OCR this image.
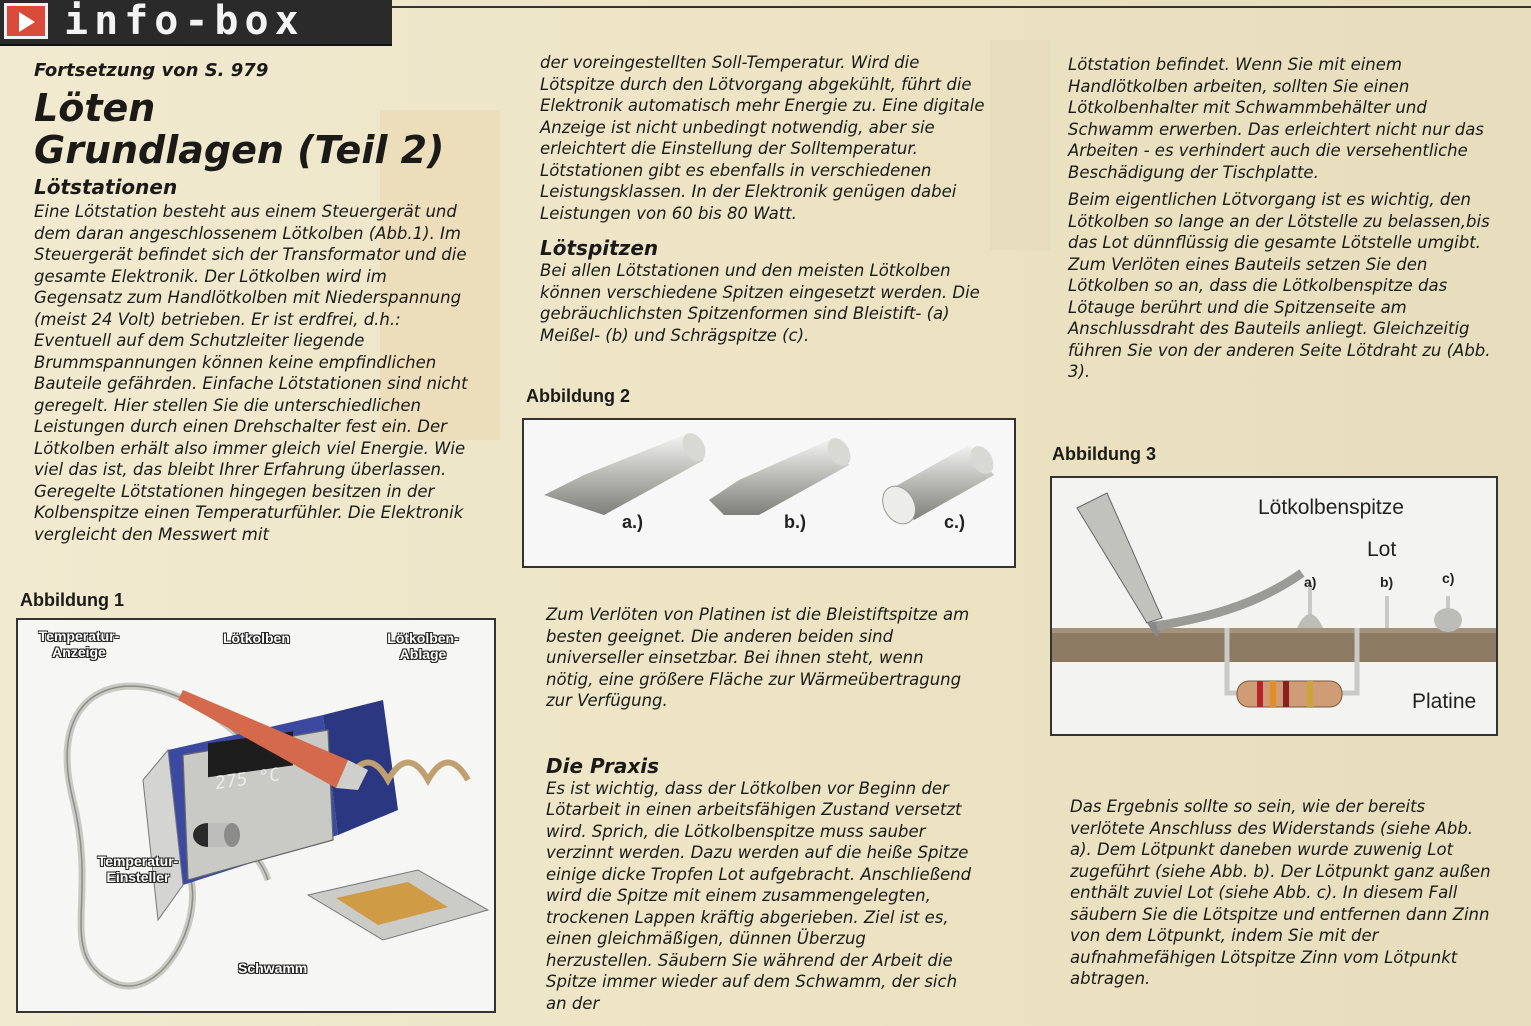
info-box
Fortsetzung von S. 979
Löten
Grundlagen (Teil 2)
Lötstationen

Eine Lötstation besteht aus einem Steuergerät und dem daran angeschlossenem Lötkolben (Abb.1). Im Steuergerät befindet sich der Transformator und die gesamte Elektronik. Der Lötkolben wird im Gegensatz zum Handlötkolben mit Niederspannung (meist 24 Volt) betrieben. Er ist erdfrei, d.h.: Eventuell auf dem Schutzleiter liegende Brummspannungen können keine empfindlichen Bauteile gefährden. Einfache Lötstationen sind nicht geregelt. Hier stellen Sie die unterschiedlichen Leistungen durch einen Drehschalter fest ein. Der Lötkolben erhält also immer gleich viel Energie. Wie viel das ist, das bleibt Ihrer Erfahrung überlassen. Geregelte Lötstationen hingegen besitzen in der Kolbenspitze einen Temperaturfühler. Die Elektronik vergleicht den Messwert mit

Abbildung 1
275 °C
Temperatur-Anzeige
Lötkolben	Lötkolben-Ablage
Temperatur-Einsteller
Schwamm

der voreingestellten Soll-Temperatur. Wird die Lötspitze durch den Lötvorgang abgekühlt, führt die Elektronik automatisch mehr Energie zu. Eine digitale Anzeige ist nicht unbedingt notwendig, aber sie erleichtert die Einstellung der Solltemperatur. Lötstationen gibt es ebenfalls in verschiedenen Leistungsklassen. In der Elektronik genügen dabei Leistungen von 60 bis 80 Watt.

Lötspitzen

Bei allen Lötstationen und den meisten Lötkolben können verschiedene Spitzen eingesetzt werden. Die gebräuchlichsten Spitzenformen sind Bleistift- (a) Meißel- (b) und Schrägspitze (c).

Abbildung 2
a.)	b.)	c.)

Zum Verlöten von Platinen ist die Bleistiftspitze am besten geeignet. Die anderen beiden sind universeller einsetzbar. Bei ihnen steht, wenn nötig, eine größere Fläche zur Wärmeübertragung zur Verfügung.

Die Praxis

Es ist wichtig, dass der Lötkolben vor Beginn der Lötarbeit in einen arbeitsfähigen Zustand versetzt wird. Sprich, die Lötkolbenspitze muss sauber verzinnt werden. Dazu werden auf die heiße Spitze einige dicke Tropfen Lot aufgebracht. Anschließend wird die Spitze mit einem zusammengelegten, trockenen Lappen kräftig abgerieben. Ziel ist es, einen gleichmäßigen, dünnen Überzug herzustellen. Säubern Sie während der Arbeit die Spitze immer wieder auf dem Schwamm, der sich an der

Lötstation befindet. Wenn Sie mit einem Handlötkolben arbeiten, sollten Sie einen Lötkolbenhalter mit Schwammbehälter und Schwamm erwerben. Das erleichtert nicht nur das Arbeiten - es verhindert auch die versehentliche Beschädigung der Tischplatte.

Beim eigentlichen Lötvorgang ist es wichtig, den Lötkolben so lange an der Lötstelle zu belassen,bis das Lot dünnflüssig die gesamte Lötstelle umgibt. Zum Verlöten eines Bauteils setzen Sie den Lötkolben so an, dass die Lötkolbenspitze das Lötauge berührt und die Spitzenseite am Anschlussdraht des Bauteils anliegt. Gleichzeitig führen Sie von der anderen Seite Lötdraht zu (Abb. 3).

Abbildung 3
Lötkolbenspitze
Lot
a)	b)	c)
Platine

Das Ergebnis sollte so sein, wie der bereits verlötete Anschluss des Widerstands (siehe Abb. a). Dem Lötpunkt daneben wurde zuwenig Lot zugeführt (siehe Abb. b). Der Lötpunkt ganz außen enthält zuviel Lot (siehe Abb. c). In diesem Fall säubern Sie die Lötspitze und entfernen dann Zinn von dem Lötpunkt, indem Sie mit der aufnahmefähigen Lötspitze Zinn vom Lötpunkt abtragen.
